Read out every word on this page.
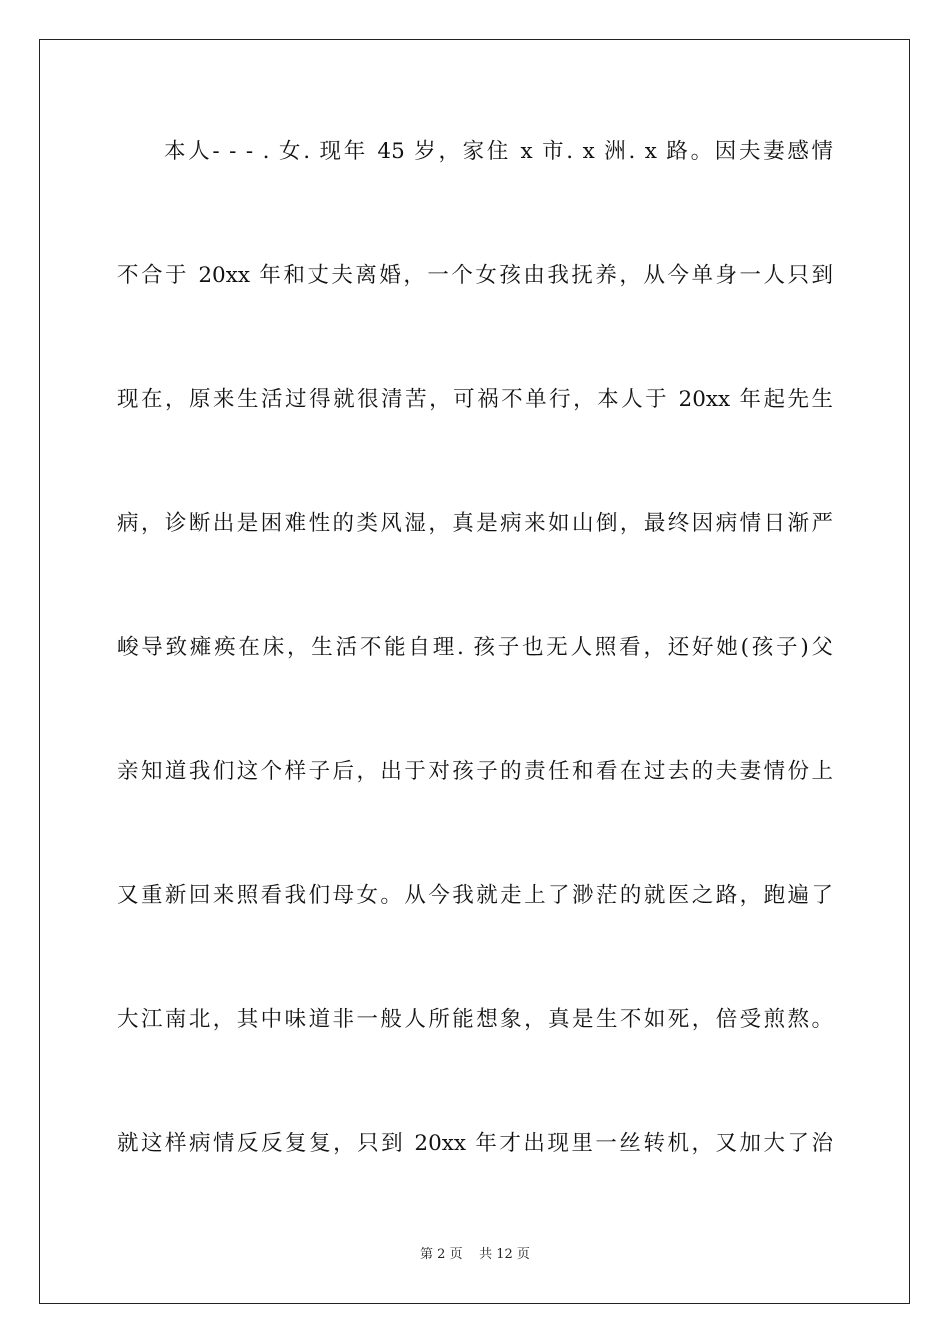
本人- - - . 女. 现年 45 岁，家住 x 市. x 洲. x 路。因夫妻感情
不合于 20xx 年和丈夫离婚，一个女孩由我抚养，从今单身一人只到
现在，原来生活过得就很清苦，可祸不单行，本人于 20xx 年起先生
病，诊断出是困难性的类风湿，真是病来如山倒，最终因病情日渐严
峻导致瘫痪在床，生活不能自理. 孩子也无人照看，还好她(孩子)父
亲知道我们这个样子后，出于对孩子的责任和看在过去的夫妻情份上
又重新回来照看我们母女。从今我就走上了渺茫的就医之路，跑遍了
大江南北，其中味道非一般人所能想象，真是生不如死，倍受煎熬。
就这样病情反反复复，只到 20xx 年才出现里一丝转机，又加大了治
第 2 页 共 12 页
